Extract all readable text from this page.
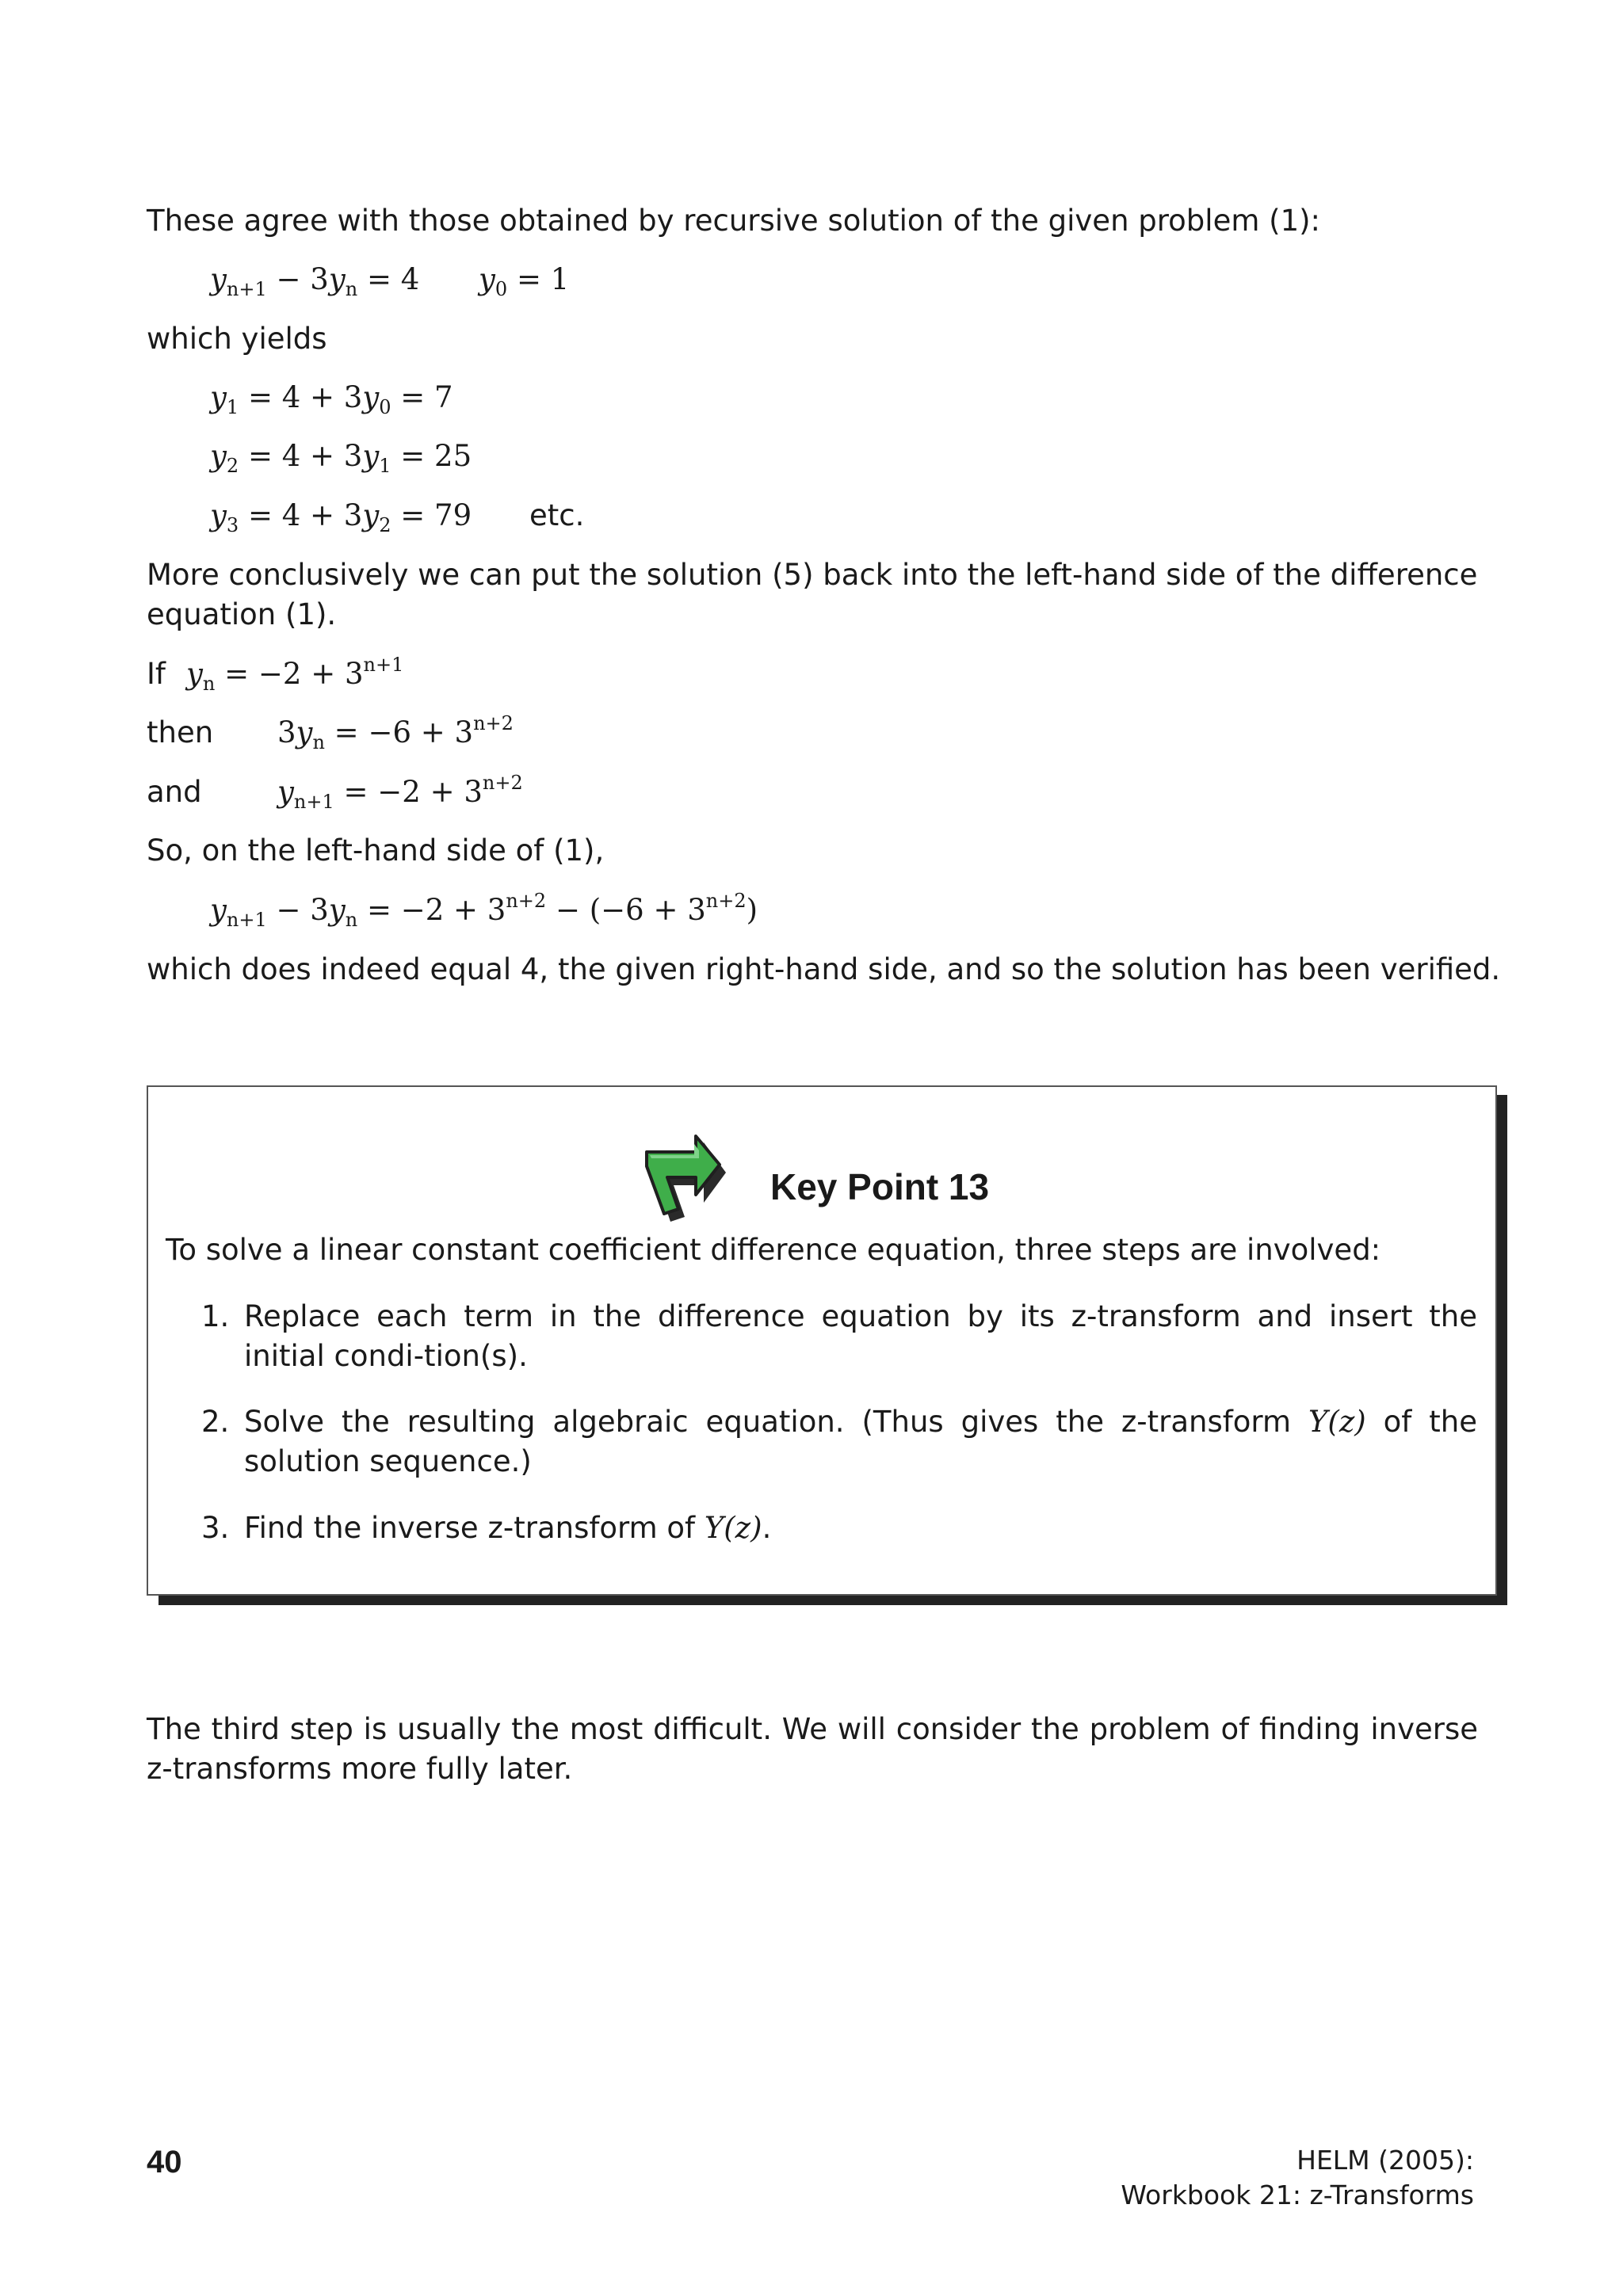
These agree with those obtained by recursive solution of the given problem (1):
$y_{n+1} - 3y_n = 4$ $y_0 = 1$
which yields
$y_1 = 4 + 3y_0 = 7$
$y_2 = 4 + 3y_1 = 25$
$y_3 = 4 + 3y_2 = 79$ etc.
More conclusively we can put the solution (5) back into the left-hand side of the difference equation (1).
If $y_n = -2 + 3^{n+1}$
then $3y_n = -6 + 3^{n+2}$
and	$y_{n+1} = -2 + 3^{n+2}$
So, on the left-hand side of (1),
$y_{n+1} - 3y_n = -2 + 3^{n+2} - (-6 + 3^{n+2})$
which does indeed equal 4, the given right-hand side, and so the solution has been verified.
Key Point 13
To solve a linear constant coefficient difference equation, three steps are involved:
1. Replace each term in the difference equation by its z-transform and insert the initial condi-tion(s).
2. Solve the resulting algebraic equation. (Thus gives the z-transform Y(z) of the solution sequence.)
3. Find the inverse z-transform of Y(z).
The third step is usually the most difficult. We will consider the problem of finding inverse z-transforms more fully later.
40	HELM (2005):
Workbook 21: z-Transforms
